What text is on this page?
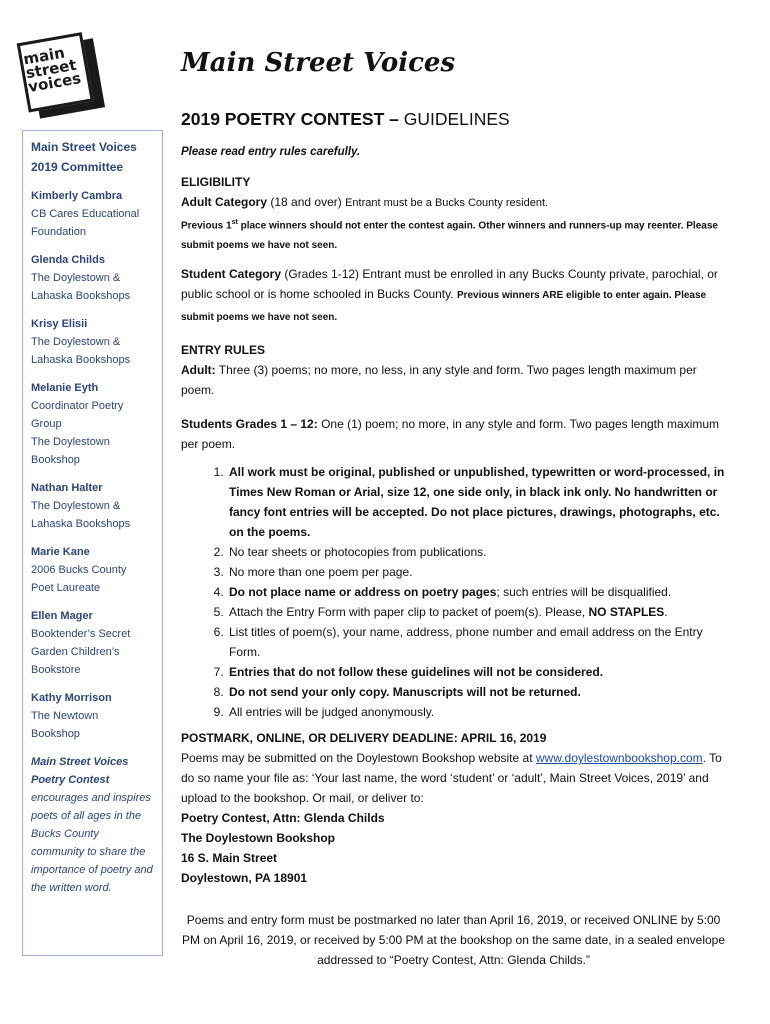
main street voices
Main Street Voices
Main Street Voices
2019 Committee
Kimberly Cambra
CB Cares Educational
Foundation
Glenda Childs
The Doylestown &
Lahaska Bookshops
Krisy Elisii
The Doylestown &
Lahaska Bookshops
Melanie Eyth
Coordinator Poetry
Group
The Doylestown
Bookshop
Nathan Halter
The Doylestown &
Lahaska Bookshops
Marie Kane
2006 Bucks County
Poet Laureate
Ellen Mager
Booktender’s Secret
Garden Children’s
Bookstore
Kathy Morrison
The Newtown
Bookshop
Main Street Voices Poetry Contest encourages and inspires poets of all ages in the Bucks County community to share the importance of poetry and the written word.
2019 POETRY CONTEST – GUIDELINES
Please read entry rules carefully.
ELIGIBILITY

Adult Category (18 and over) Entrant must be a Bucks County resident.

Previous 1st place winners should not enter the contest again. Other winners and runners-up may reenter. Please submit poems we have not seen.

Student Category (Grades 1-12) Entrant must be enrolled in any Bucks County private, parochial, or public school or is home schooled in Bucks County. Previous winners ARE eligible to enter again. Please submit poems we have not seen.

ENTRY RULES

Adult: Three (3) poems; no more, no less, in any style and form. Two pages length maximum per poem.

Students Grades 1 – 12: One (1) poem; no more, in any style and form. Two pages length maximum per poem.

1. All work must be original, published or unpublished, typewritten or word-processed, in Times New Roman or Arial, size 12, one side only, in black ink only. No handwritten or fancy font entries will be accepted. Do not place pictures, drawings, photographs, etc. on the poems.
2. No tear sheets or photocopies from publications.
3. No more than one poem per page.
4. Do not place name or address on poetry pages; such entries will be disqualified.
5. Attach the Entry Form with paper clip to packet of poem(s). Please, NO STAPLES.
6. List titles of poem(s), your name, address, phone number and email address on the Entry Form.
7. Entries that do not follow these guidelines will not be considered.
8. Do not send your only copy. Manuscripts will not be returned.
9. All entries will be judged anonymously.
POSTMARK, ONLINE, OR DELIVERY DEADLINE: APRIL 16, 2019

Poems may be submitted on the Doylestown Bookshop website at www.doylestownbookshop.com. To do so name your file as: ‘Your last name, the word ‘student’ or ‘adult’, Main Street Voices, 2019’ and upload to the bookshop. Or mail, or deliver to:

Poetry Contest, Attn: Glenda Childs
The Doylestown Bookshop
16 S. Main Street
Doylestown, PA 18901
Poems and entry form must be postmarked no later than April 16, 2019, or received ONLINE by 5:00 PM on April 16, 2019, or received by 5:00 PM at the bookshop on the same date, in a sealed envelope addressed to “Poetry Contest, Attn: Glenda Childs.”
